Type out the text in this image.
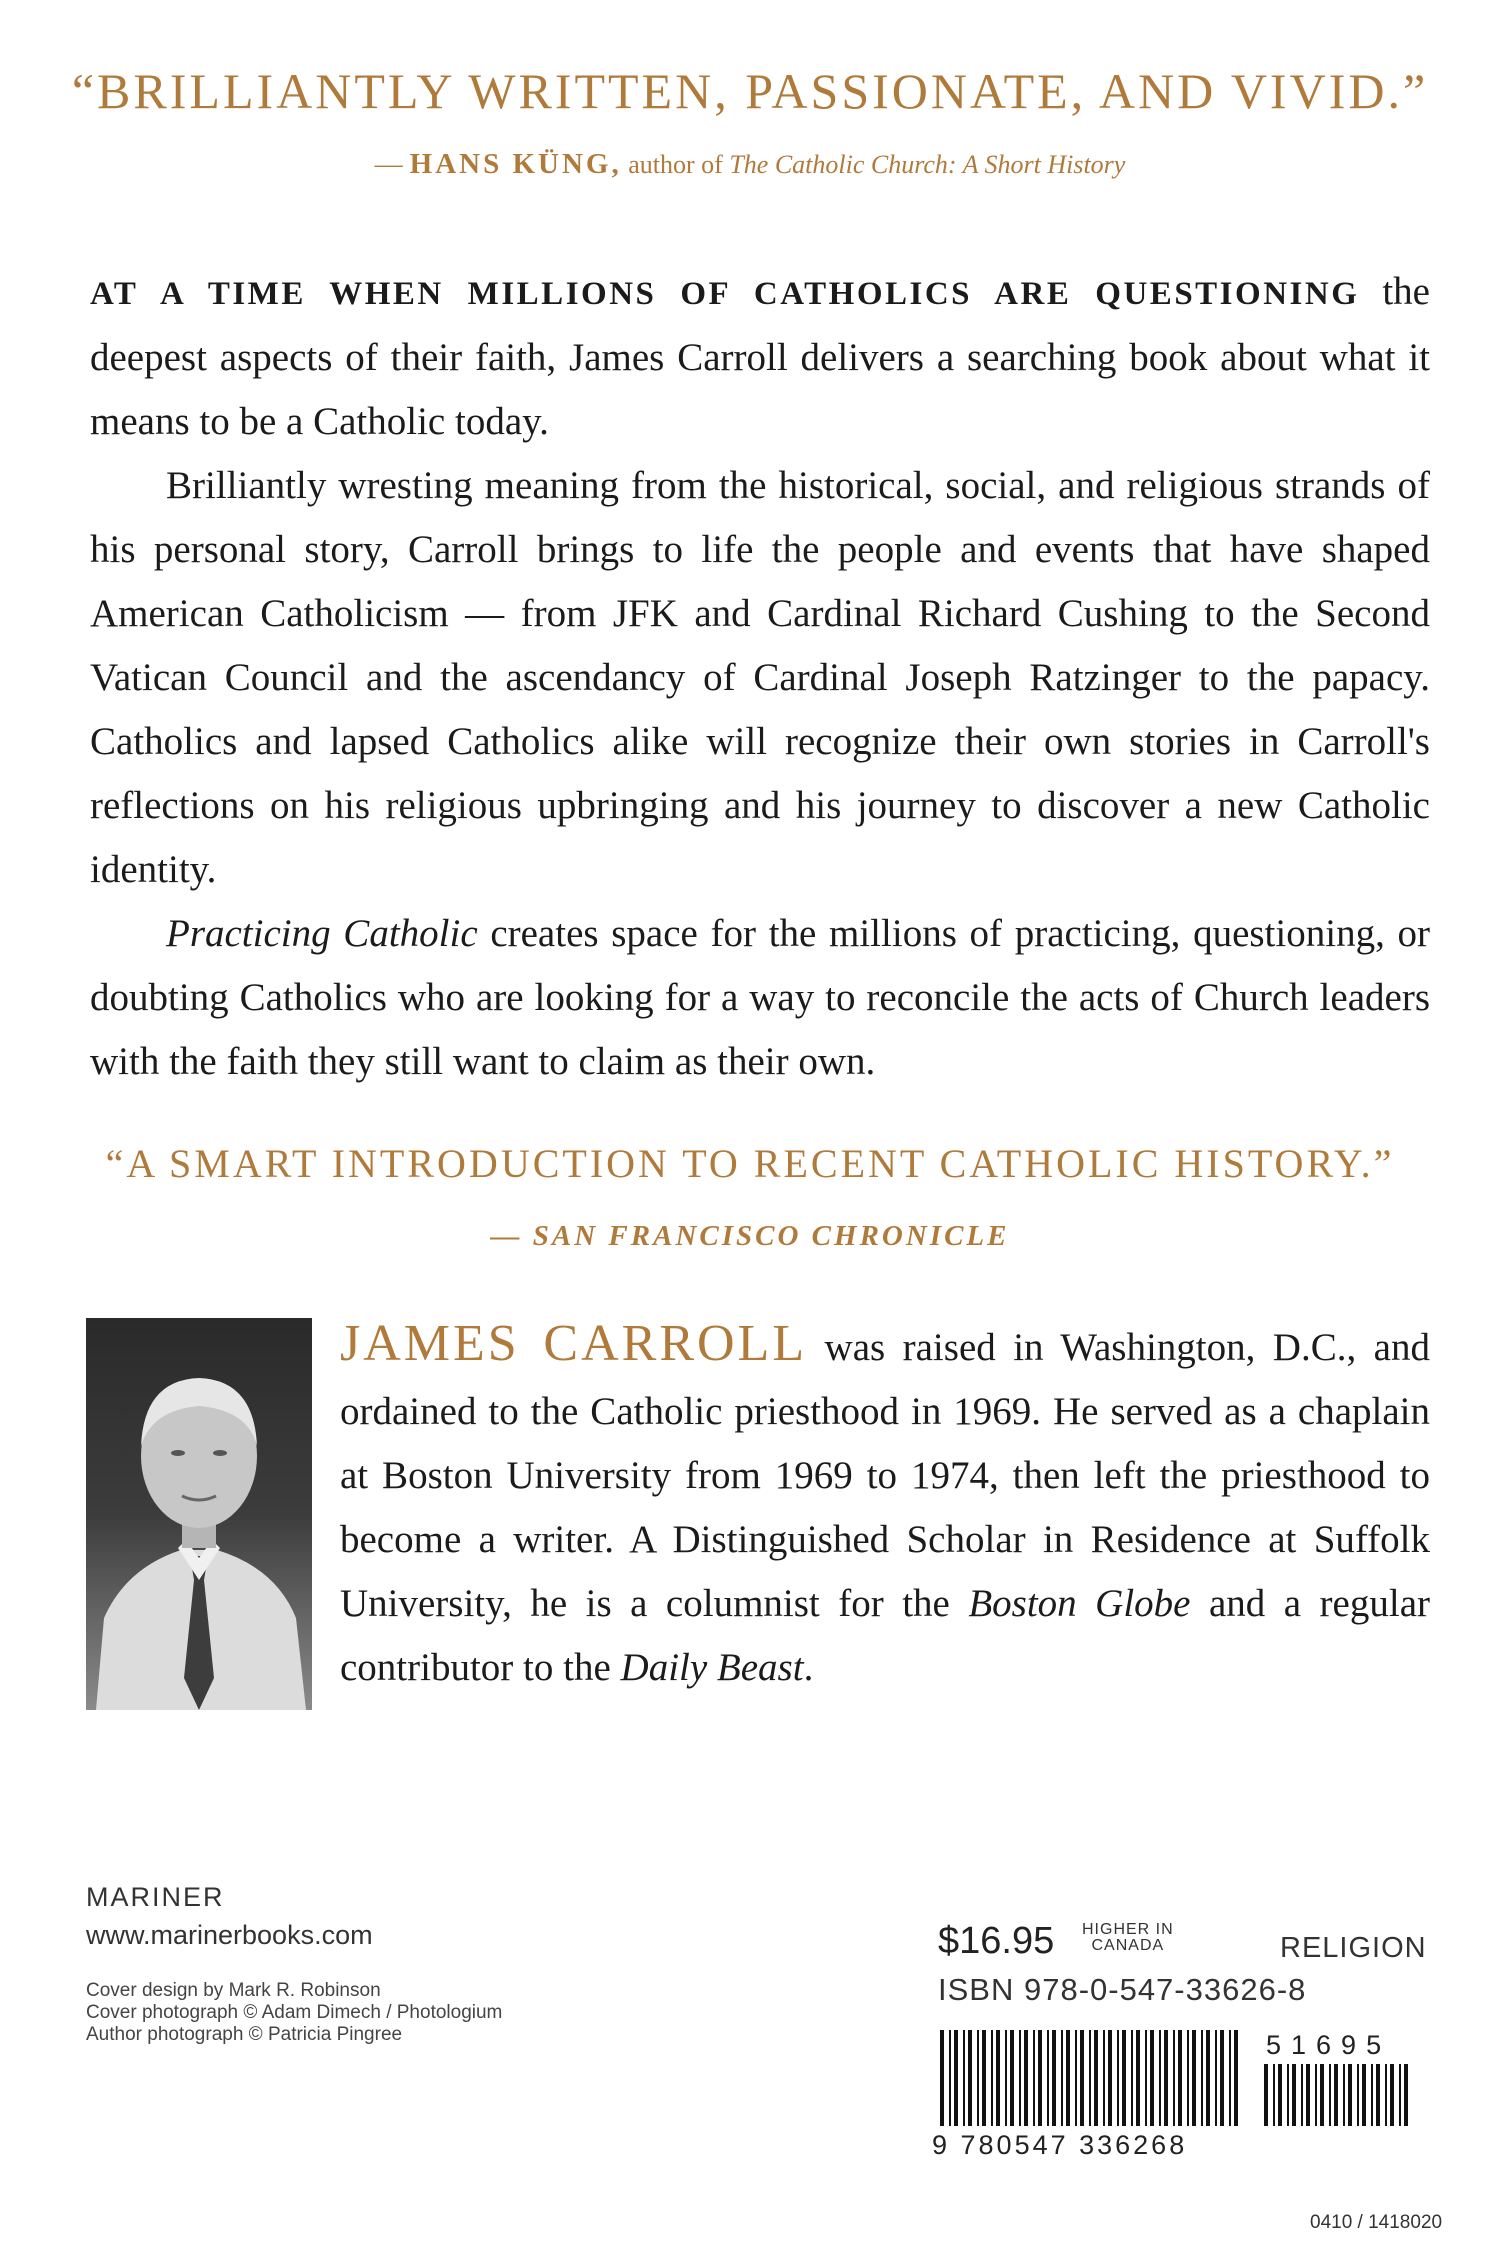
“BRILLIANTLY WRITTEN, PASSIONATE, AND VIVID.”
— HANS KÜNG, author of The Catholic Church: A Short History

AT A TIME WHEN MILLIONS OF CATHOLICS ARE QUESTIONING the deepest aspects of their faith, James Carroll delivers a searching book about what it means to be a Catholic today.

Brilliantly wresting meaning from the historical, social, and religious strands of his personal story, Carroll brings to life the people and events that have shaped American Catholicism — from JFK and Cardinal Richard Cushing to the Second Vatican Council and the ascendancy of Cardinal Joseph Ratzinger to the papacy. Catholics and lapsed Catholics alike will recognize their own stories in Carroll's reflections on his religious upbringing and his journey to discover a new Catholic identity.

Practicing Catholic creates space for the millions of practicing, questioning, or doubting Catholics who are looking for a way to reconcile the acts of Church leaders with the faith they still want to claim as their own.

“A SMART INTRODUCTION TO RECENT CATHOLIC HISTORY.”
— SAN FRANCISCO CHRONICLE

JAMES CARROLL was raised in Washington, D.C., and ordained to the Catholic priesthood in 1969. He served as a chaplain at Boston University from 1969 to 1974, then left the priesthood to become a writer. A Distinguished Scholar in Residence at Suffolk University, he is a columnist for the Boston Globe and a regular contributor to the Daily Beast.

MARINER
www.marinerbooks.com
Cover design by Mark R. Robinson
Cover photograph © Adam Dimech / Photologium
Author photograph © Patricia Pingree
$16.95 HIGHER IN
CANADA	RELIGION
ISBN 978-0-547-33626-8
51695
9 780547 336268
0410 / 1418020
